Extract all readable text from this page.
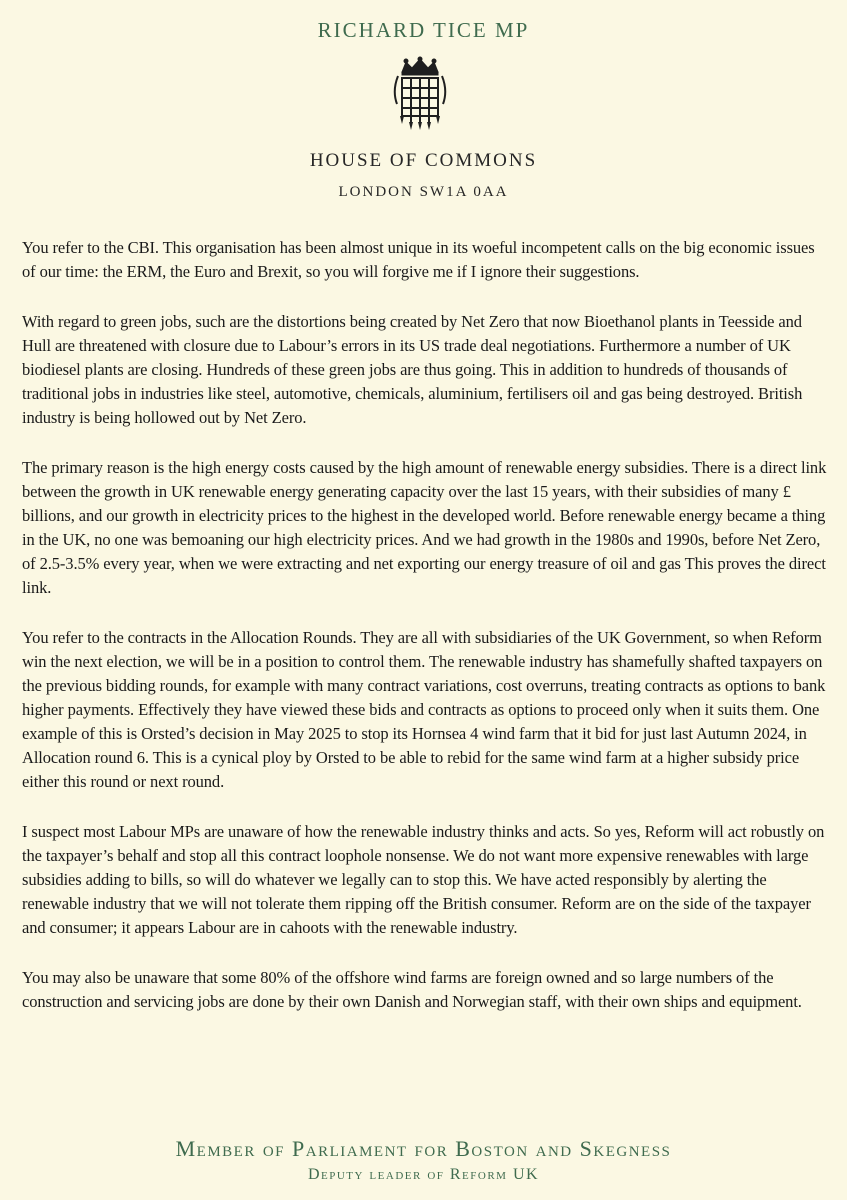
RICHARD TICE MP
HOUSE OF COMMONS
LONDON SW1A 0AA

You refer to the CBI. This organisation has been almost unique in its woeful incompetent calls on the big economic issues of our time: the ERM, the Euro and Brexit, so you will forgive me if I ignore their suggestions.

With regard to green jobs, such are the distortions being created by Net Zero that now Bioethanol plants in Teesside and Hull are threatened with closure due to Labour’s errors in its US trade deal negotiations. Furthermore a number of UK biodiesel plants are closing. Hundreds of these green jobs are thus going. This in addition to hundreds of thousands of traditional jobs in industries like steel, automotive, chemicals, aluminium, fertilisers oil and gas being destroyed. British industry is being hollowed out by Net Zero.

The primary reason is the high energy costs caused by the high amount of renewable energy subsidies. There is a direct link between the growth in UK renewable energy generating capacity over the last 15 years, with their subsidies of many £ billions, and our growth in electricity prices to the highest in the developed world. Before renewable energy became a thing in the UK, no one was bemoaning our high electricity prices. And we had growth in the 1980s and 1990s, before Net Zero, of 2.5-3.5% every year, when we were extracting and net exporting our energy treasure of oil and gas This proves the direct link.

You refer to the contracts in the Allocation Rounds. They are all with subsidiaries of the UK Government, so when Reform win the next election, we will be in a position to control them. The renewable industry has shamefully shafted taxpayers on the previous bidding rounds, for example with many contract variations, cost overruns, treating contracts as options to bank higher payments. Effectively they have viewed these bids and contracts as options to proceed only when it suits them. One example of this is Orsted’s decision in May 2025 to stop its Hornsea 4 wind farm that it bid for just last Autumn 2024, in Allocation round 6. This is a cynical ploy by Orsted to be able to rebid for the same wind farm at a higher subsidy price either this round or next round.

I suspect most Labour MPs are unaware of how the renewable industry thinks and acts. So yes, Reform will act robustly on the taxpayer’s behalf and stop all this contract loophole nonsense. We do not want more expensive renewables with large subsidies adding to bills, so will do whatever we legally can to stop this. We have acted responsibly by alerting the renewable industry that we will not tolerate them ripping off the British consumer. Reform are on the side of the taxpayer and consumer; it appears Labour are in cahoots with the renewable industry.

You may also be unaware that some 80% of the offshore wind farms are foreign owned and so large numbers of the construction and servicing jobs are done by their own Danish and Norwegian staff, with their own ships and equipment.

Member of Parliament for Boston and Skegness
Deputy leader of Reform UK
